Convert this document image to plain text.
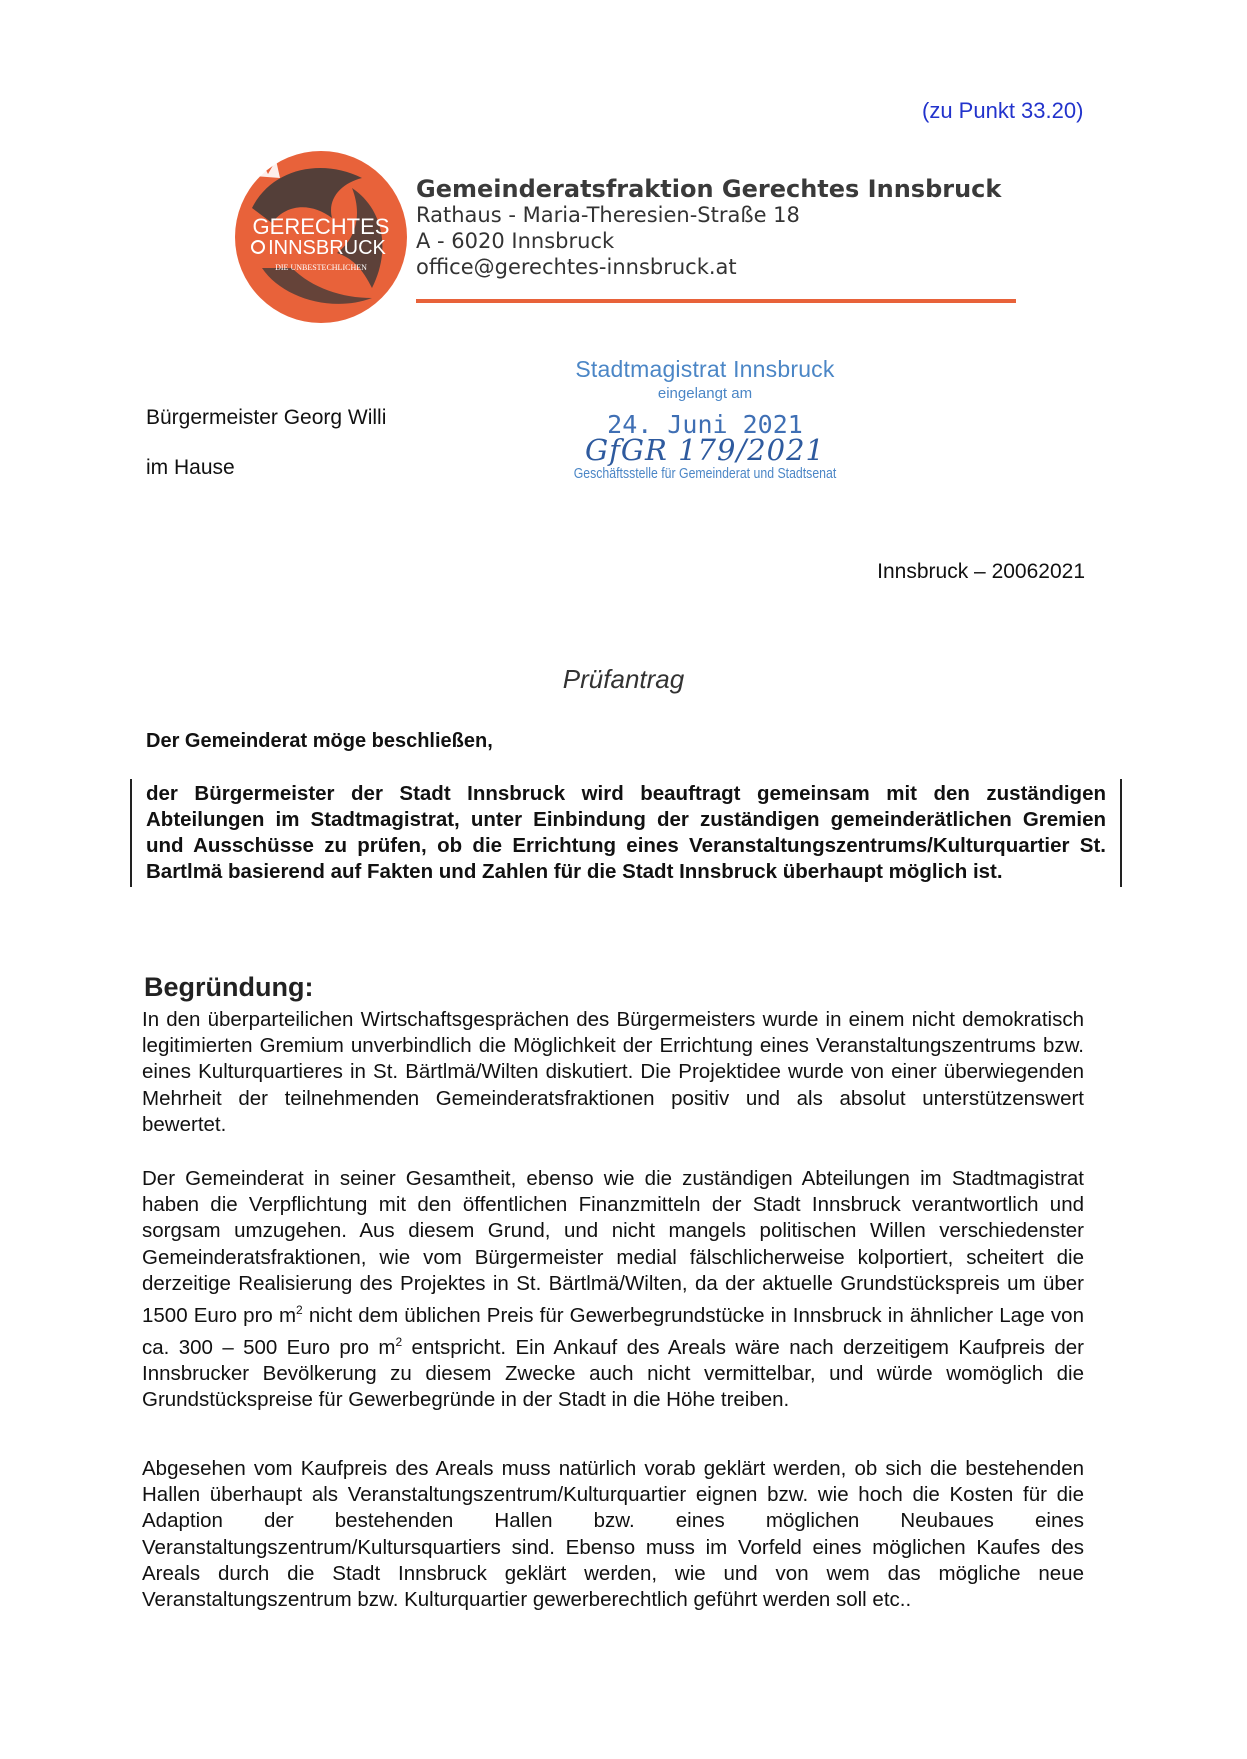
(zu Punkt 33.20)
GERECHTES
INNSBRUCK
DIE UNBESTECHLICHEN
Gemeinderatsfraktion Gerechtes Innsbruck
Rathaus - Maria-Theresien-Straße 18
A - 6020 Innsbruck
office@gerechtes-innsbruck.at
Stadtmagistrat Innsbruck
eingelangt am
24. Juni 2021
GfGR 179/2021
Geschäftsstelle für Gemeinderat und Stadtsenat
Bürgermeister Georg Willi
im Hause
Innsbruck – 20062021
Prüfantrag
Der Gemeinderat möge beschließen,

der Bürgermeister der Stadt Innsbruck wird beauftragt gemeinsam mit den zuständigen Abteilungen im Stadtmagistrat, unter Einbindung der zuständigen gemeinderätlichen Gremien und Ausschüsse zu prüfen, ob die Errichtung eines Veranstaltungszentrums/Kulturquartier St. Bartlmä basierend auf Fakten und Zahlen für die Stadt Innsbruck überhaupt möglich ist.

Begründung:

In den überparteilichen Wirtschaftsgesprächen des Bürgermeisters wurde in einem nicht demokratisch legitimierten Gremium unverbindlich die Möglichkeit der Errichtung eines Veranstaltungszentrums bzw. eines Kulturquartieres in St. Bärtlmä/Wilten diskutiert. Die Projektidee wurde von einer überwiegenden Mehrheit der teilnehmenden Gemeinderatsfraktionen positiv und als absolut unterstützenswert bewertet.

Der Gemeinderat in seiner Gesamtheit, ebenso wie die zuständigen Abteilungen im Stadtmagistrat haben die Verpflichtung mit den öffentlichen Finanzmitteln der Stadt Innsbruck verantwortlich und sorgsam umzugehen. Aus diesem Grund, und nicht mangels politischen Willen verschiedenster Gemeinderatsfraktionen, wie vom Bürgermeister medial fälschlicherweise kolportiert, scheitert die derzeitige Realisierung des Projektes in St. Bärtlmä/Wilten, da der aktuelle Grundstückspreis um über 1500 Euro pro $m^2$ nicht dem üblichen Preis für Gewerbegrundstücke in Innsbruck in ähnlicher Lage von ca. 300 – 500 Euro pro $m^2$ entspricht. Ein Ankauf des Areals wäre nach derzeitigem Kaufpreis der Innsbrucker Bevölkerung zu diesem Zwecke auch nicht vermittelbar, und würde womöglich die Grundstückspreise für Gewerbegründe in der Stadt in die Höhe treiben.

Abgesehen vom Kaufpreis des Areals muss natürlich vorab geklärt werden, ob sich die bestehenden Hallen überhaupt als Veranstaltungszentrum/Kulturquartier eignen bzw. wie hoch die Kosten für die Adaption der bestehenden Hallen bzw. eines möglichen Neubaues eines Veranstaltungszentrum/Kultursquartiers sind. Ebenso muss im Vorfeld eines möglichen Kaufes des Areals durch die Stadt Innsbruck geklärt werden, wie und von wem das mögliche neue Veranstaltungszentrum bzw. Kulturquartier gewerberechtlich geführt werden soll etc..
